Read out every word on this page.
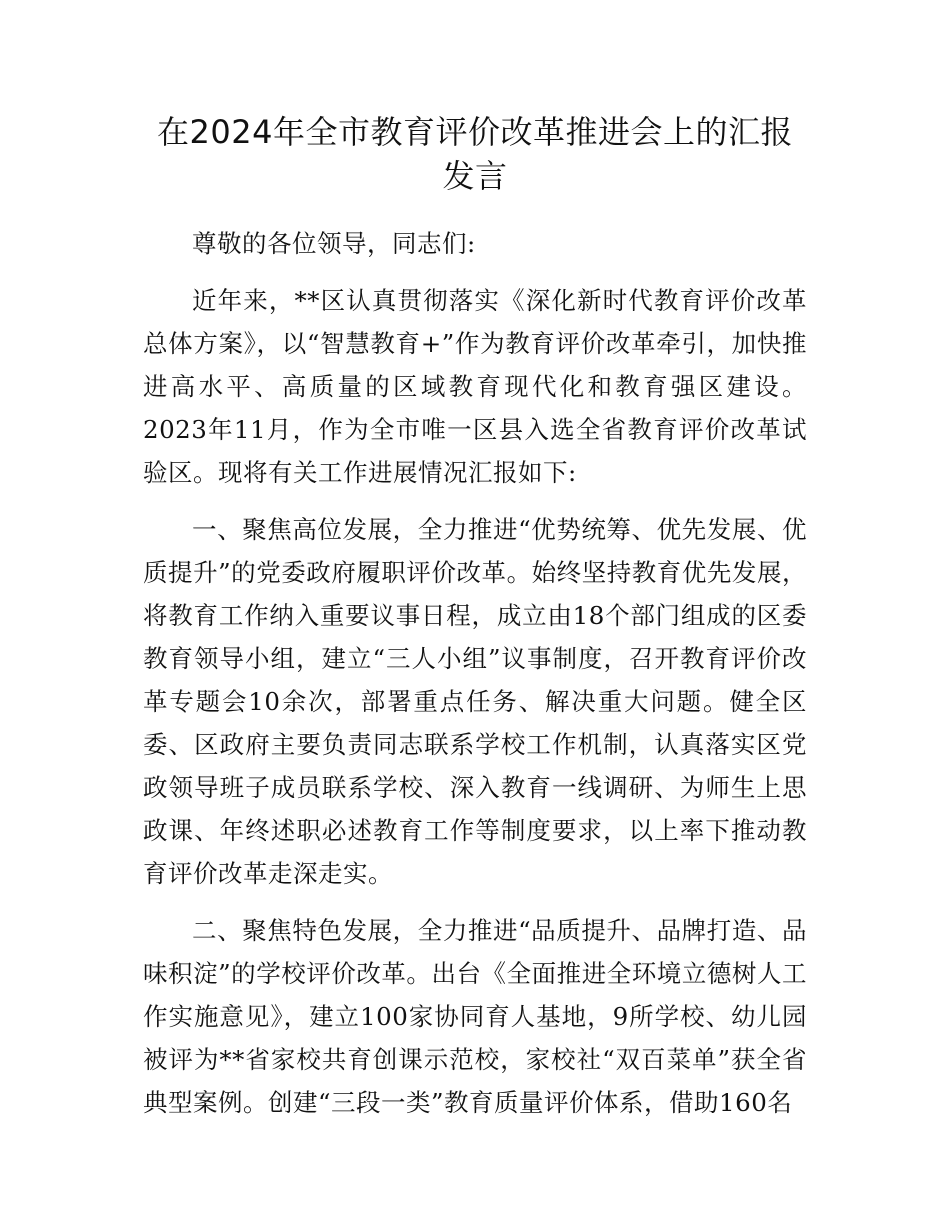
在2024年全市教育评价改革推进会上的汇报发言

尊敬的各位领导，同志们:

近年来，**区认真贯彻落实《深化新时代教育评价改革总体方案》，以“智慧教育+”作为教育评价改革牵引，加快推进高水平、高质量的区域教育现代化和教育强区建设。2023年11月，作为全市唯一区县入选全省教育评价改革试验区。现将有关工作进展情况汇报如下:

一、聚焦高位发展，全力推进“优势统筹、优先发展、优质提升”的党委政府履职评价改革。始终坚持教育优先发展，将教育工作纳入重要议事日程，成立由18个部门组成的区委教育领导小组，建立“三人小组”议事制度，召开教育评价改革专题会10余次，部署重点任务、解决重大问题。健全区委、区政府主要负责同志联系学校工作机制，认真落实区党政领导班子成员联系学校、深入教育一线调研、为师生上思政课、年终述职必述教育工作等制度要求，以上率下推动教育评价改革走深走实。

二、聚焦特色发展，全力推进“品质提升、品牌打造、品味积淀”的学校评价改革。出台《全面推进全环境立德树人工作实施意见》，建立100家协同育人基地，9所学校、幼儿园被评为**省家校共育创课示范校，家校社“双百菜单”获全省典型案例。创建“三段一类”教育质量评价体系，借助160名
